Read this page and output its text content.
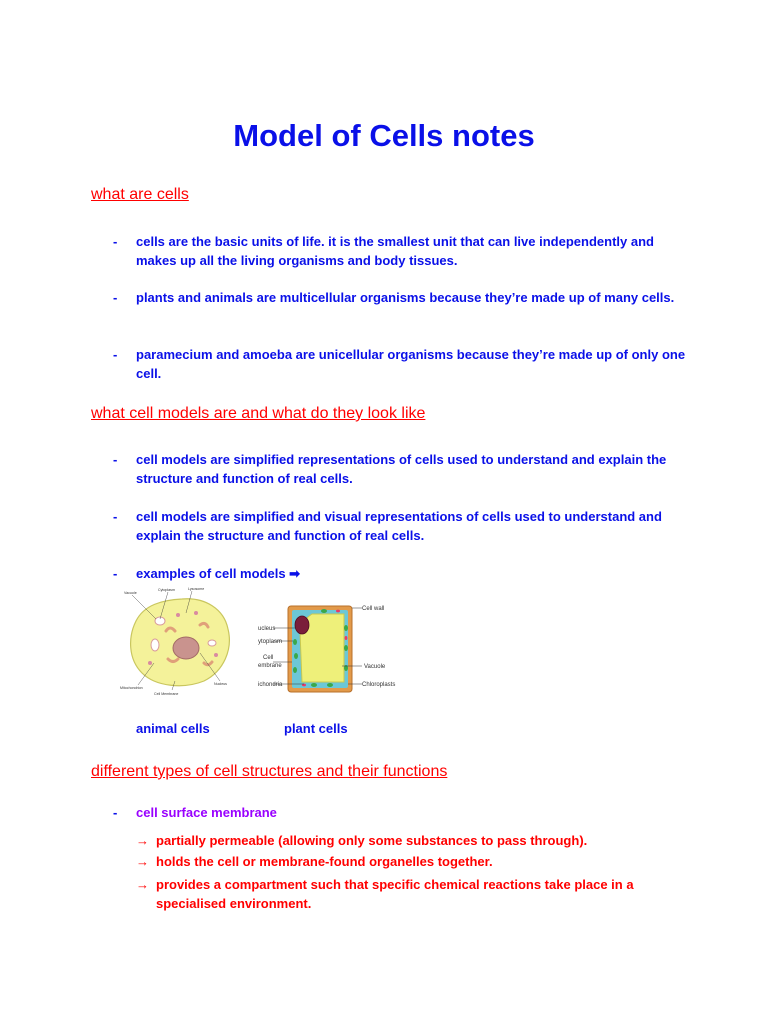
Model of Cells notes
what are cells
- cells are the basic units of life. it is the smallest unit that can live independently and makes up all the living organisms and body tissues.
- plants and animals are multicellular organisms because they’re made up of many cells.
- paramecium and amoeba are unicellular organisms because they’re made up of only one cell.
what cell models are and what do they look like
- cell models are simplified representations of cells used to understand and explain the structure and function of real cells.
- cell models are simplified and visual representations of cells used to understand and explain the structure and function of real cells.
- examples of cell models ➡
Cytoplasm	Lysosome
Vacuole
Mitochondrion
Nucleus
Cell Membrane
Cell wall
ucleus
ytoplasm
Cell
embrane	Vacuole
ichondria	Chloroplasts
animal cells	plant cells
different types of cell structures and their functions
- cell surface membrane
→ partially permeable (allowing only some substances to pass through).
→ holds the cell or membrane-found organelles together.
→ provides a compartment such that specific chemical reactions take place in a specialised environment.
